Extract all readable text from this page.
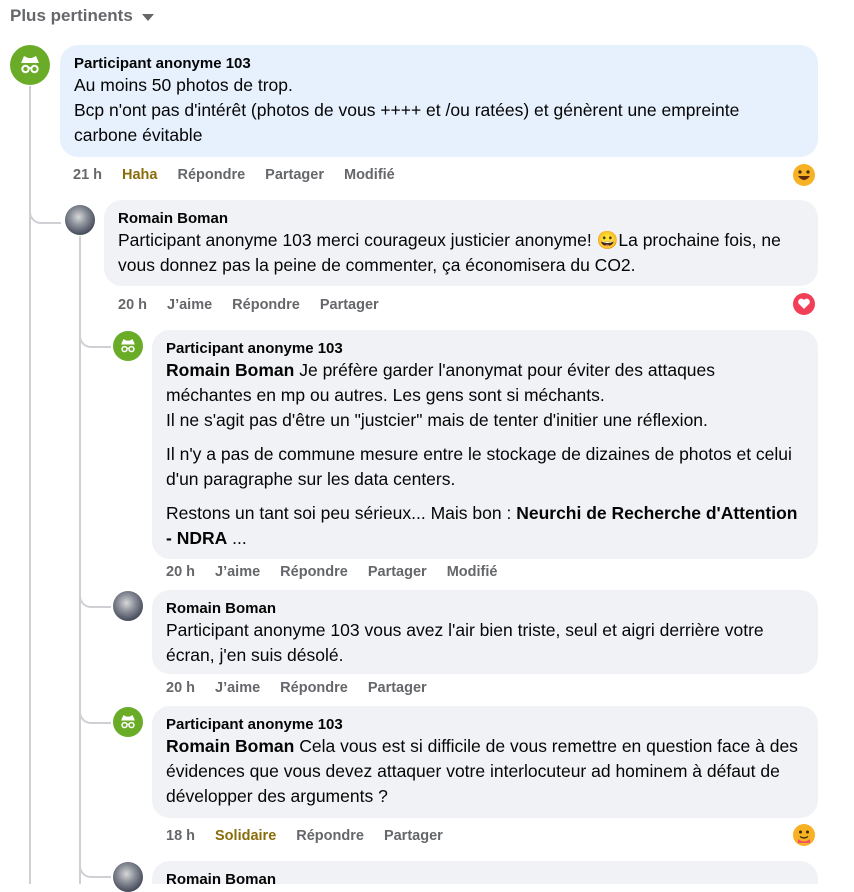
Plus pertinents
Participant anonyme 103

Au moins 50 photos de trop.

Bcp n'ont pas d'intérêt (photos de vous ++++ et /ou ratées) et génèrent une empreinte carbone évitable

21 h Haha Répondre Partager Modifié
Romain Boman

Participant anonyme 103 merci courageux justicier anonyme! 😀La prochaine fois, ne vous donnez pas la peine de commenter, ça économisera du CO2.

20 h J’aime Répondre Partager
Participant anonyme 103

Romain Boman Je préfère garder l'anonymat pour éviter des attaques méchantes en mp ou autres. Les gens sont si méchants.
Il ne s'agit pas d'être un "justcier" mais de tenter d'initier une réflexion.

Il n'y a pas de commune mesure entre le stockage de dizaines de photos et celui d'un paragraphe sur les data centers.

Restons un tant soi peu sérieux... Mais bon : Neurchi de Recherche d'Attention - NDRA ...

20 h J’aime Répondre Partager Modifié
Romain Boman

Participant anonyme 103 vous avez l'air bien triste, seul et aigri derrière votre écran, j'en suis désolé.

20 h J’aime Répondre Partager
Participant anonyme 103

Romain Boman Cela vous est si difficile de vous remettre en question face à des évidences que vous devez attaquer votre interlocuteur ad hominem à défaut de développer des arguments ?

18 h Solidaire Répondre Partager
Romain Boman
